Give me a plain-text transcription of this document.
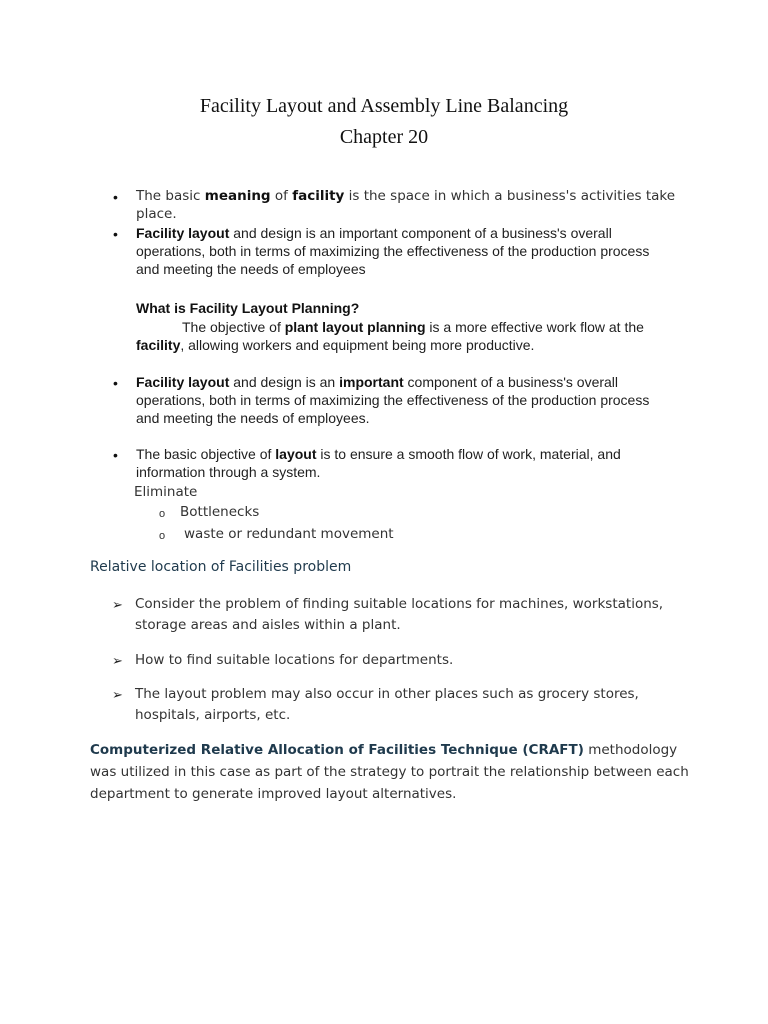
Facility Layout and Assembly Line Balancing
Chapter 20
• The basic meaning of facility is the space in which a business's activities take place.
• Facility layout and design is an important component of a business's overall operations, both in terms of maximizing the effectiveness of the production process and meeting the needs of employees
What is Facility Layout Planning?
The objective of plant layout planning is a more effective work flow at the facility, allowing workers and equipment being more productive.
• Facility layout and design is an important component of a business's overall operations, both in terms of maximizing the effectiveness of the production process and meeting the needs of employees.
• The basic objective of layout is to ensure a smooth flow of work, material, and information through a system.
Eliminate
o Bottlenecks
o waste or redundant movement
Relative location of Facilities problem
➢ Consider the problem of finding suitable locations for machines, workstations, storage areas and aisles within a plant.
➢ How to find suitable locations for departments.
➢ The layout problem may also occur in other places such as grocery stores, hospitals, airports, etc.
Computerized Relative Allocation of Facilities Technique (CRAFT) methodology was utilized in this case as part of the strategy to portrait the relationship between each department to generate improved layout alternatives.
